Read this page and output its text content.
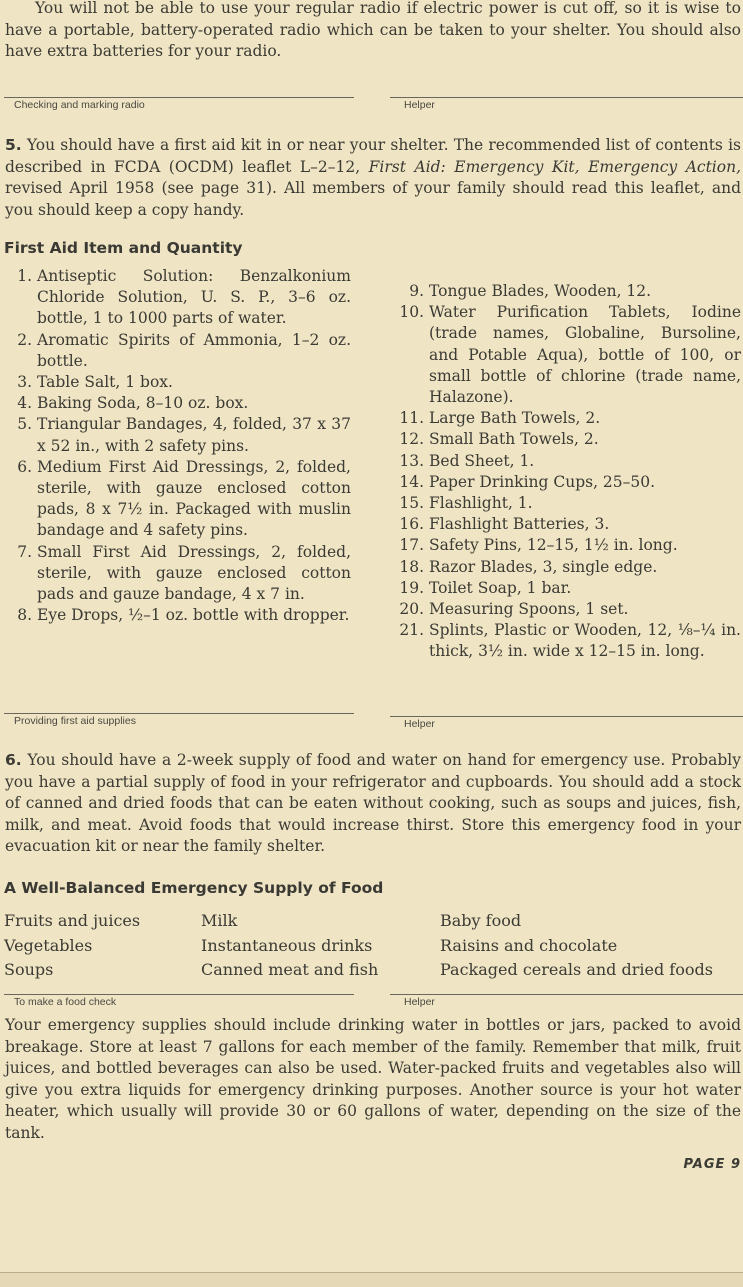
You will not be able to use your regular radio if electric power is cut off, so it is wise to have a portable, battery-operated radio which can be taken to your shelter. You should also have extra batteries for your radio.

Checking and marking radio	Helper

5. You should have a first aid kit in or near your shelter. The recommended list of contents is described in FCDA (OCDM) leaflet L–2–12, First Aid: Emergency Kit, Emergency Action, revised April 1958 (see page 31). All members of your family should read this leaflet, and you should keep a copy handy.

First Aid Item and Quantity
1. Antiseptic Solution: Benzalkonium Chloride Solution, U. S. P., 3–6 oz. bottle, 1 to 1000 parts of water.
2. Aromatic Spirits of Ammonia, 1–2 oz. bottle.
3. Table Salt, 1 box.
4. Baking Soda, 8–10 oz. box.
5. Triangular Bandages, 4, folded, 37 x 37 x 52 in., with 2 safety pins.
6. Medium First Aid Dressings, 2, folded, sterile, with gauze enclosed cotton pads, 8 x 7½ in. Packaged with muslin bandage and 4 safety pins.
7. Small First Aid Dressings, 2, folded, sterile, with gauze enclosed cotton pads and gauze bandage, 4 x 7 in.
8. Eye Drops, ½–1 oz. bottle with dropper.
9. Tongue Blades, Wooden, 12.
10. Water Purification Tablets, Iodine (trade names, Globaline, Bursoline, and Potable Aqua), bottle of 100, or small bottle of chlorine (trade name, Halazone).
11. Large Bath Towels, 2.
12. Small Bath Towels, 2.
13. Bed Sheet, 1.
14. Paper Drinking Cups, 25–50.
15. Flashlight, 1.
16. Flashlight Batteries, 3.
17. Safety Pins, 12–15, 1½ in. long.
18. Razor Blades, 3, single edge.
19. Toilet Soap, 1 bar.
20. Measuring Spoons, 1 set.
21. Splints, Plastic or Wooden, 12, ⅛–¼ in. thick, 3½ in. wide x 12–15 in. long.
Providing first aid supplies	Helper

6. You should have a 2-week supply of food and water on hand for emergency use. Probably you have a partial supply of food in your refrigerator and cupboards. You should add a stock of canned and dried foods that can be eaten without cooking, such as soups and juices, fish, milk, and meat. Avoid foods that would increase thirst. Store this emergency food in your evacuation kit or near the family shelter.

A Well-Balanced Emergency Supply of Food
Fruits and juices	Milk	Baby food
Vegetables	Instantaneous drinks	Raisins and chocolate
Soups	Canned meat and fish	Packaged cereals and dried foods
To make a food check	Helper

Your emergency supplies should include drinking water in bottles or jars, packed to avoid breakage. Store at least 7 gallons for each member of the family. Remember that milk, fruit juices, and bottled beverages can also be used. Water-packed fruits and vegetables also will give you extra liquids for emergency drinking purposes. Another source is your hot water heater, which usually will provide 30 or 60 gallons of water, depending on the size of the tank.

PAGE 9
